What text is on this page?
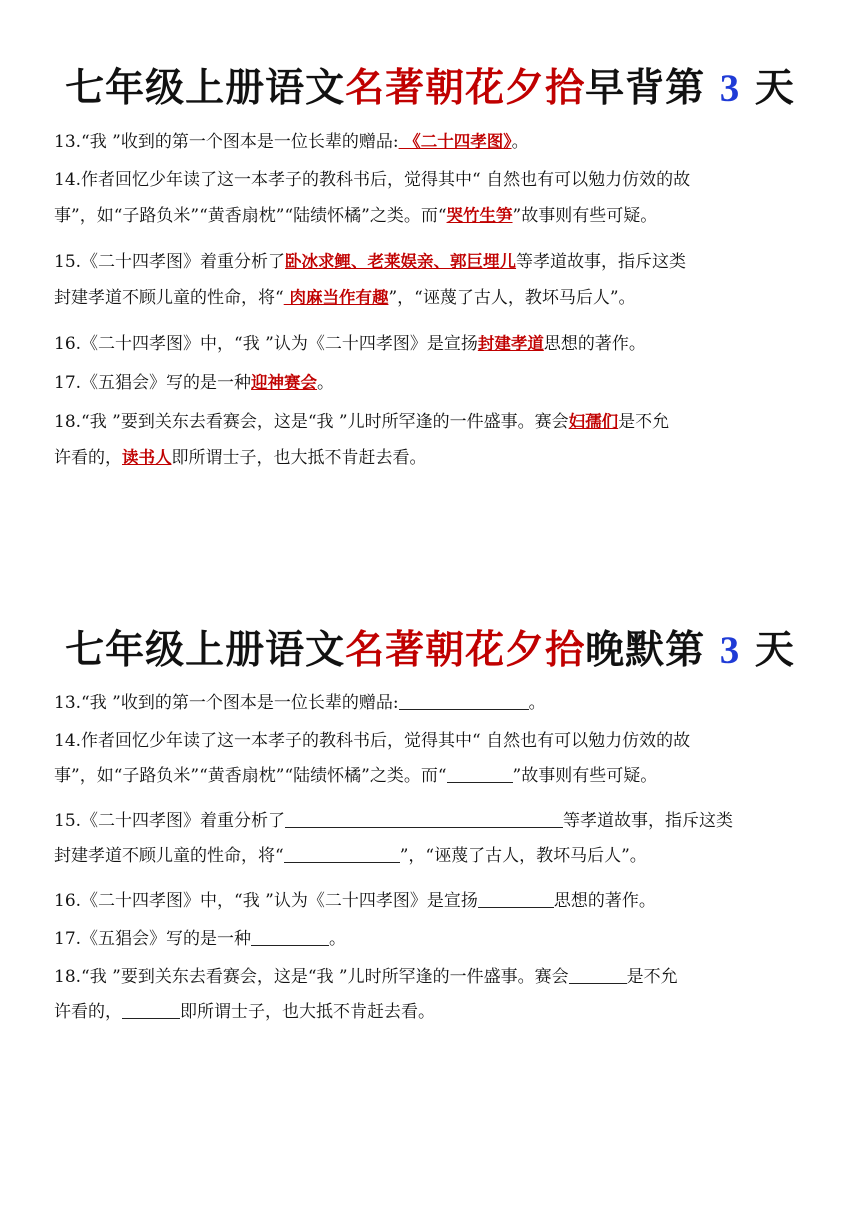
七年级上册语文名著朝花夕拾早背第 3 天
13.“我 ”收到的第一个图本是一位长辈的赠品: 《二十四孝图》。
14.作者回忆少年读了这一本孝子的教科书后，觉得其中“ 自然也有可以勉力仿效的故
事”，如“子路负米”“黄香扇枕”“陆绩怀橘”之类。而“哭竹生笋”故事则有些可疑。
15.《二十四孝图》着重分析了卧冰求鲤、老莱娱亲、郭巨埋儿等孝道故事，指斥这类
封建孝道不顾儿童的性命，将“ 肉麻当作有趣”，“诬蔑了古人，教坏马后人”。
16.《二十四孝图》中，“我 ”认为《二十四孝图》是宣扬封建孝道思想的著作。
17.《五猖会》写的是一种迎神赛会。
18.“我 ”要到关东去看赛会，这是“我 ”儿时所罕逢的一件盛事。赛会妇孺们是不允
许看的，读书人即所谓士子，也大抵不肯赶去看。
七年级上册语文名著朝花夕拾晚默第 3 天
13.“我 ”收到的第一个图本是一位长辈的赠品:	。
14.作者回忆少年读了这一本孝子的教科书后，觉得其中“ 自然也有可以勉力仿效的故
事”，如“子路负米”“黄香扇枕”“陆绩怀橘”之类。而“	”故事则有些可疑。
15.《二十四孝图》着重分析了	等孝道故事，指斥这类
封建孝道不顾儿童的性命，将“	”，“诬蔑了古人，教坏马后人”。
16.《二十四孝图》中，“我 ”认为《二十四孝图》是宣扬	思想的著作。
17.《五猖会》写的是一种	。
18.“我 ”要到关东去看赛会，这是“我 ”儿时所罕逢的一件盛事。赛会	是不允
许看的，	即所谓士子，也大抵不肯赶去看。
